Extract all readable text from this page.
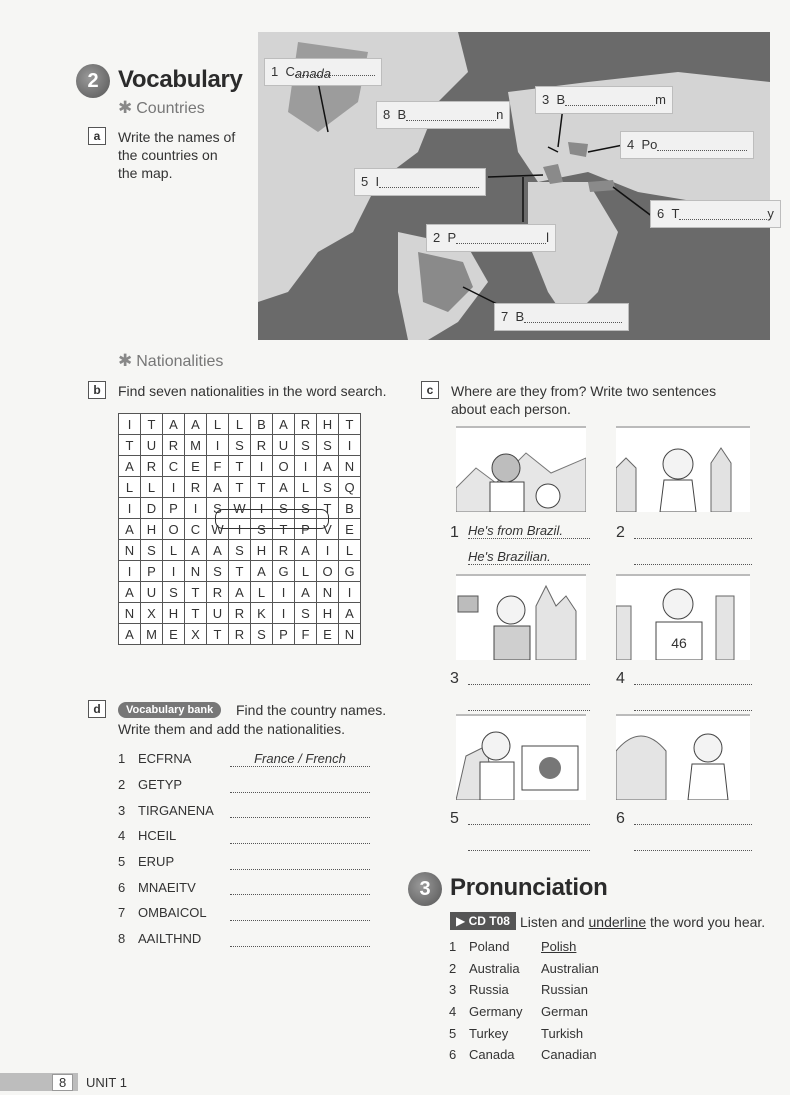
2 Vocabulary
✱ Countries
a	Write the names of the countries on the map.
1 Canada
3 B	m
8 B	n
4 Po
5 I
6 T	y
2 P	l
7 B
✱ Nationalities
b	Find seven nationalities in the word search.
I	T	A	A	L	L	B	A	R	H	T
T	U	R	M	I	S	R	U	S	S	I
A	R	C	E	F	T	I	O	I	A	N
L	L	I	R	A	T	T	A	L	S	Q
I	D	P	I	S	W	I	S	S	T	B
A	H	O	C	W	I	S	T	P	V	E
N	S	L	A	A	S	H	R	A	I	L
I	P	I	N	S	T	A	G	L	O	G
A	U	S	T	R	A	L	I	A	N	I
N	X	H	T	U	R	K	I	S	H	A
A	M	E	X	T	R	S	P	F	E	N
d	Vocabulary bank	Find the country names.
Write them and add the nationalities.
1 ECFRNA	France / French
2 GETYP
3 TIRGANENA
4 HCEIL
5 ERUP
6 MNAEITV
7 OMBAICOL
8 AAILTHND
c	Where are they from? Write two sentences
about each person.
1 He's from Brazil.
He's Brazilian.
2
46
3	4
5	6
3 Pronunciation
▶ CD T08 Listen and underline the word you hear.
1 Poland	Polish
2 Australia	Australian
3 Russia	Russian
4 Germany	German
5 Turkey	Turkish
6 Canada	Canadian
8	UNIT 1
